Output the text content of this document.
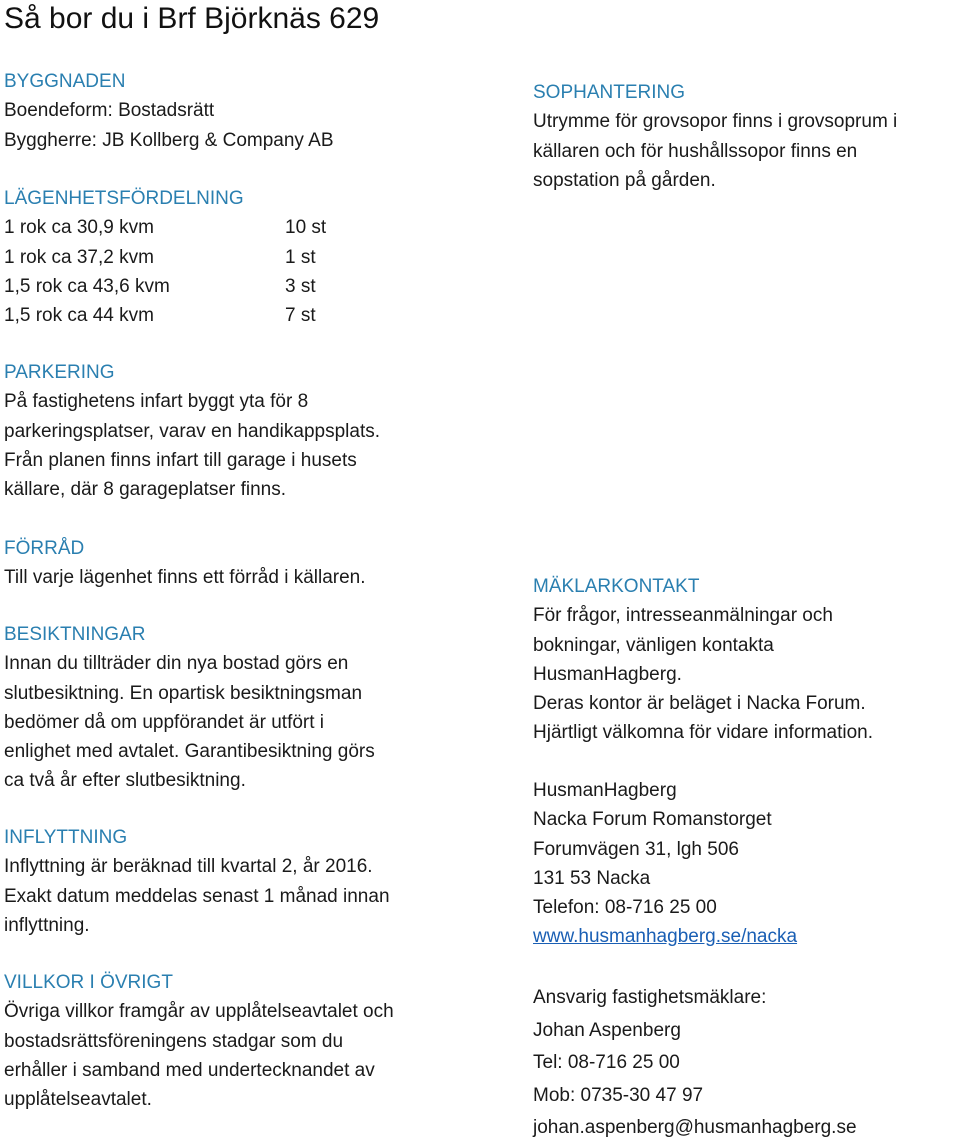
Så bor du i Brf Björknäs 629
BYGGNADEN
Boendeform: Bostadsrätt
Byggherre: JB Kollberg & Company AB
LÄGENHETSFÖRDELNING
1 rok ca 30,9 kvm	10 st
1 rok ca 37,2 kvm	1 st
1,5 rok ca 43,6 kvm	3 st
1,5 rok ca 44 kvm	7 st
PARKERING
På fastighetens infart byggt yta för 8
parkeringsplatser, varav en handikappsplats.
Från planen finns infart till garage i husets
källare, där 8 garageplatser finns.
FÖRRÅD
Till varje lägenhet finns ett förråd i källaren.
BESIKTNINGAR
Innan du tillträder din nya bostad görs en
slutbesiktning. En opartisk besiktningsman
bedömer då om uppförandet är utfört i
enlighet med avtalet. Garantibesiktning görs
ca två år efter slutbesiktning.
INFLYTTNING
Inflyttning är beräknad till kvartal 2, år 2016.
Exakt datum meddelas senast 1 månad innan
inflyttning.
VILLKOR I ÖVRIGT
Övriga villkor framgår av upplåtelseavtalet och
bostadsrättsföreningens stadgar som du
erhåller i samband med undertecknandet av
upplåtelseavtalet.
SOPHANTERING
Utrymme för grovsopor finns i grovsoprum i
källaren och för hushållssopor finns en
sopstation på gården.
MÄKLARKONTAKT
För frågor, intresseanmälningar och
bokningar, vänligen kontakta
HusmanHagberg.
Deras kontor är beläget i Nacka Forum.
Hjärtligt välkomna för vidare information.
HusmanHagberg
Nacka Forum Romanstorget
Forumvägen 31, lgh 506
131 53 Nacka
Telefon: 08-716 25 00
www.husmanhagberg.se/nacka
Ansvarig fastighetsmäklare:
Johan Aspenberg
Tel: 08-716 25 00
Mob: 0735-30 47 97
johan.aspenberg@husmanhagberg.se
